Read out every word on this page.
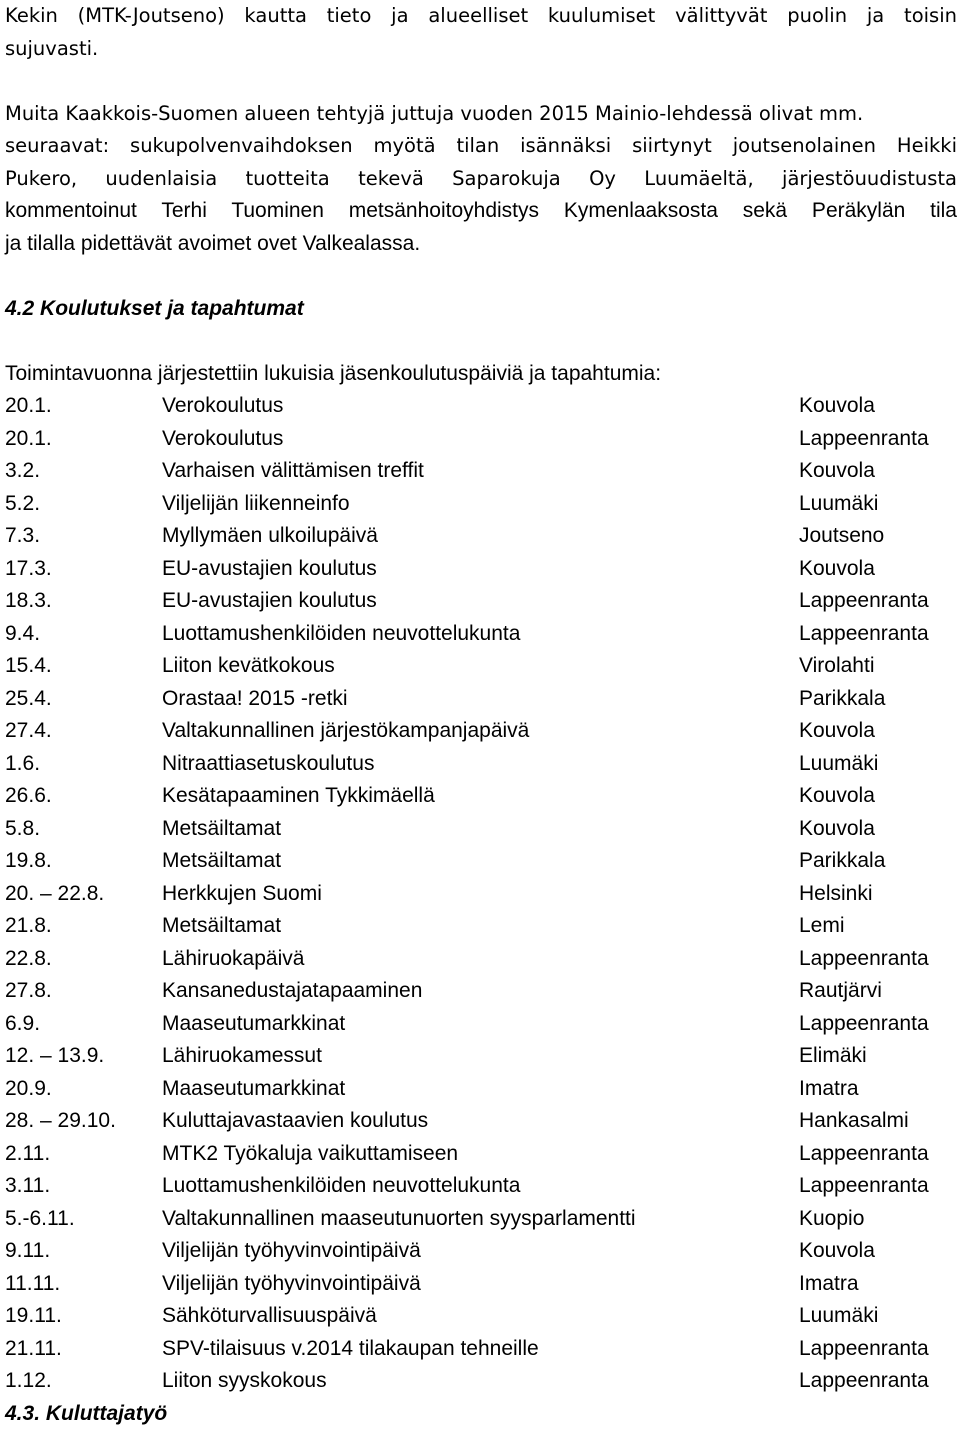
Kekin (MTK-Joutseno) kautta tieto ja alueelliset kuulumiset välittyvät puolin ja toisin
sujuvasti.
Muita Kaakkois-Suomen alueen tehtyjä juttuja vuoden 2015 Mainio-lehdessä olivat mm.
seuraavat: sukupolvenvaihdoksen myötä tilan isännäksi siirtynyt joutsenolainen Heikki
Pukero, uudenlaisia tuotteita tekevä Saparokuja Oy Luumäeltä, järjestöuudistusta
kommentoinut Terhi Tuominen metsänhoitoyhdistys Kymenlaaksosta sekä Peräkylän tila
ja tilalla pidettävät avoimet ovet Valkealassa.
4.2 Koulutukset ja tapahtumat
Toimintavuonna järjestettiin lukuisia jäsenkoulutuspäiviä ja tapahtumia:
20.1.	Verokoulutus	Kouvola
20.1.	Verokoulutus	Lappeenranta
3.2.	Varhaisen välittämisen treffit	Kouvola
5.2.	Viljelijän liikenneinfo	Luumäki
7.3.	Myllymäen ulkoilupäivä	Joutseno
17.3.	EU-avustajien koulutus	Kouvola
18.3.	EU-avustajien koulutus	Lappeenranta
9.4.	Luottamushenkilöiden neuvottelukunta	Lappeenranta
15.4.	Liiton kevätkokous	Virolahti
25.4.	Orastaa! 2015 -retki	Parikkala
27.4.	Valtakunnallinen järjestökampanjapäivä	Kouvola
1.6.	Nitraattiasetuskoulutus	Luumäki
26.6.	Kesätapaaminen Tykkimäellä	Kouvola
5.8.	Metsäiltamat	Kouvola
19.8.	Metsäiltamat	Parikkala
20. – 22.8.	Herkkujen Suomi	Helsinki
21.8.	Metsäiltamat	Lemi
22.8.	Lähiruokapäivä	Lappeenranta
27.8.	Kansanedustajatapaaminen	Rautjärvi
6.9.	Maaseutumarkkinat	Lappeenranta
12. – 13.9.	Lähiruokamessut	Elimäki
20.9.	Maaseutumarkkinat	Imatra
28. – 29.10. Kuluttajavastaavien koulutus	Hankasalmi
2.11.	MTK2 Työkaluja vaikuttamiseen	Lappeenranta
3.11.	Luottamushenkilöiden neuvottelukunta	Lappeenranta
5.-6.11.	Valtakunnallinen maaseutunuorten syysparlamentti	Kuopio
9.11.	Viljelijän työhyvinvointipäivä	Kouvola
11.11.	Viljelijän työhyvinvointipäivä	Imatra
19.11.	Sähköturvallisuuspäivä	Luumäki
21.11.	SPV-tilaisuus v.2014 tilakaupan tehneille	Lappeenranta
1.12.	Liiton syyskokous	Lappeenranta
4.3. Kuluttajatyö
